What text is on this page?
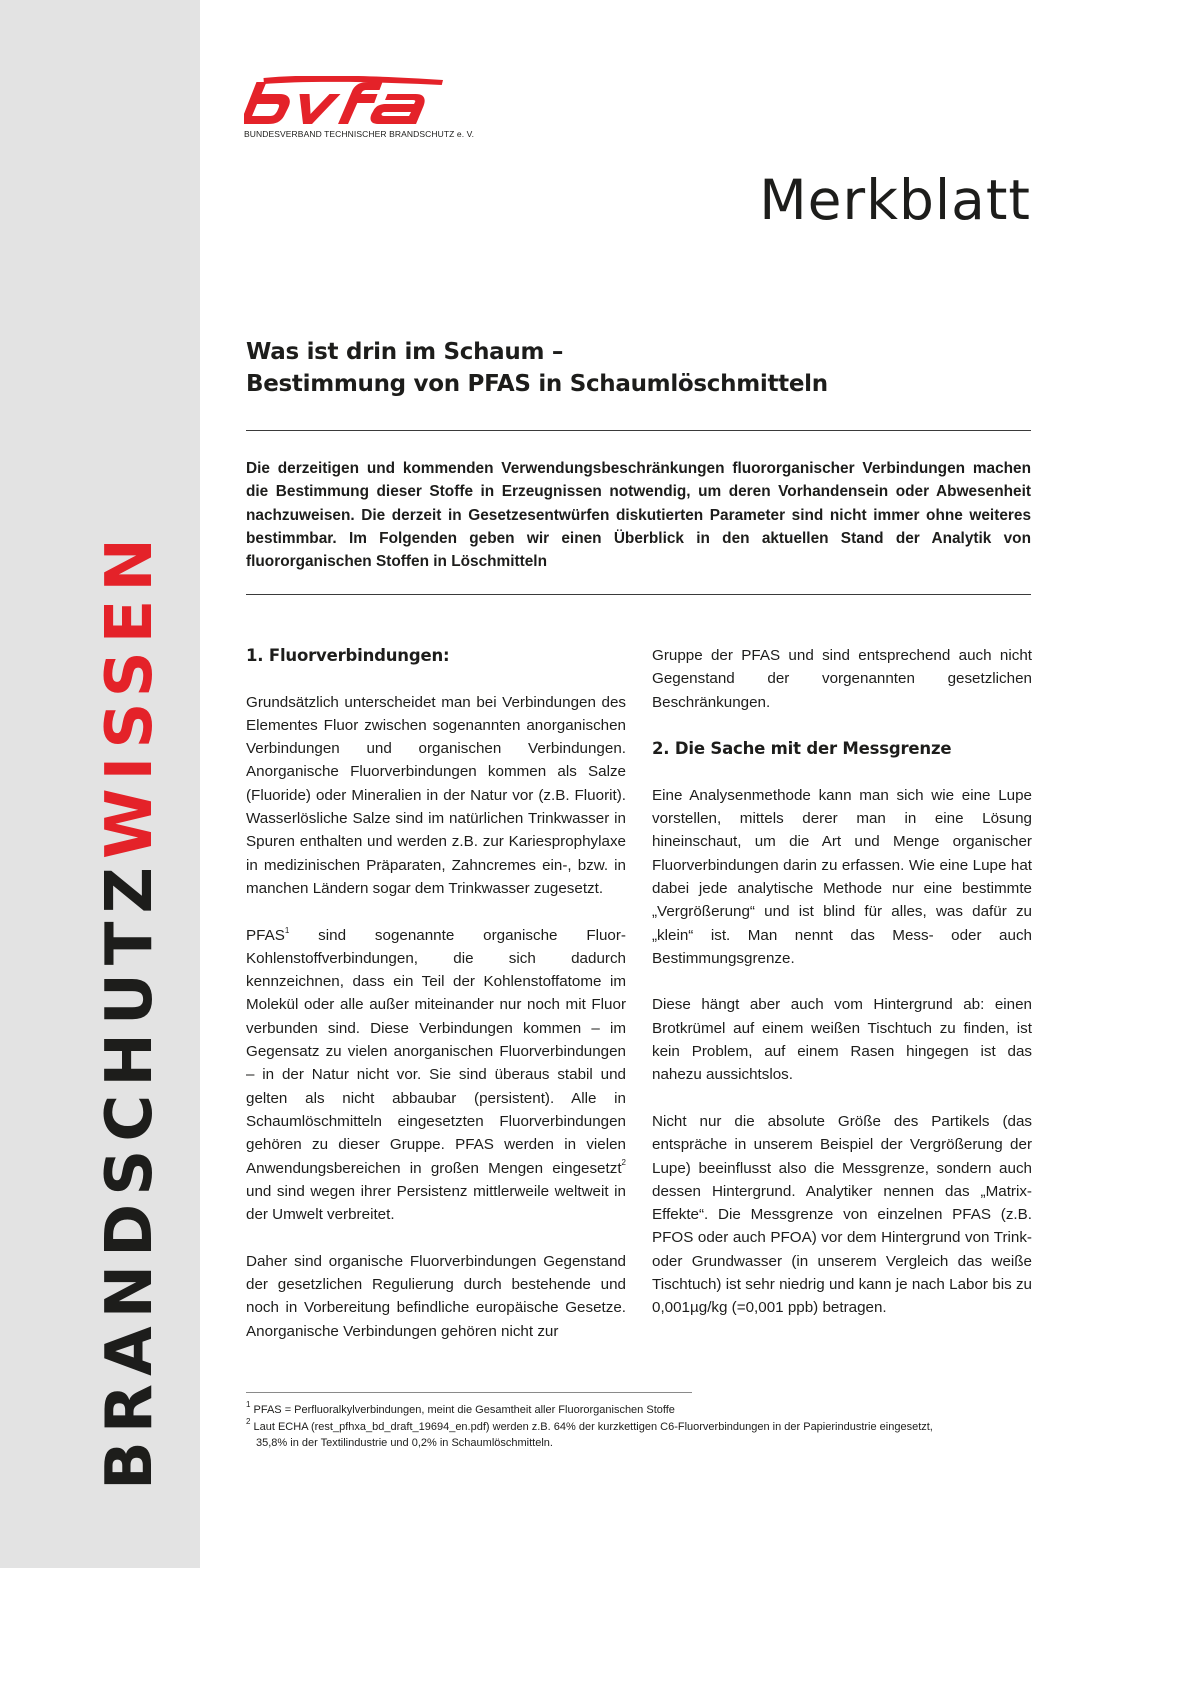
BRANDSCHUTZWISSEN
BUNDESVERBAND TECHNISCHER BRANDSCHUTZ e. V.
Merkblatt
Was ist drin im Schaum –
Bestimmung von PFAS in Schaumlöschmitteln

Die derzeitigen und kommenden Verwendungsbeschränkungen fluororganischer Verbindungen machen die Bestimmung dieser Stoffe in Erzeugnissen notwendig, um deren Vorhandensein oder Abwesenheit nachzuweisen. Die derzeit in Gesetzesentwürfen diskutierten Parameter sind nicht immer ohne weiteres bestimmbar. Im Folgenden geben wir einen Überblick in den aktuellen Stand der Analytik von fluororganischen Stoffen in Löschmitteln

1. Fluorverbindungen:

Grundsätzlich unterscheidet man bei Verbindungen des Elementes Fluor zwischen sogenannten anorganischen Verbindungen und organischen Verbindungen. Anorganische Fluorverbindungen kommen als Salze (Fluoride) oder Mineralien in der Natur vor (z.B. Fluorit). Wasserlösliche Salze sind im natürlichen Trinkwasser in Spuren enthalten und werden z.B. zur Kariesprophylaxe in medizinischen Präparaten, Zahncremes ein-, bzw. in manchen Ländern sogar dem Trinkwasser zugesetzt.

PFAS$^1$ sind sogenannte organische Fluor-Kohlenstoffverbindungen, die sich dadurch kennzeichnen, dass ein Teil der Kohlenstoffatome im Molekül oder alle außer miteinander nur noch mit Fluor verbunden sind. Diese Verbindungen kommen – im Gegensatz zu vielen anorganischen Fluorverbindungen – in der Natur nicht vor. Sie sind überaus stabil und gelten als nicht abbaubar (persistent). Alle in Schaumlöschmitteln eingesetzten Fluorverbindungen gehören zu dieser Gruppe. PFAS werden in vielen Anwendungsbereichen in großen Mengen eingesetzt$^2$ und sind wegen ihrer Persistenz mittlerweile weltweit in der Umwelt verbreitet.

Daher sind organische Fluorverbindungen Gegenstand der gesetzlichen Regulierung durch bestehende und noch in Vorbereitung befindliche europäische Gesetze. Anorganische Verbindungen gehören nicht zur

Gruppe der PFAS und sind entsprechend auch nicht Gegenstand der vorgenannten gesetzlichen Beschränkungen.

2. Die Sache mit der Messgrenze

Eine Analysenmethode kann man sich wie eine Lupe vorstellen, mittels derer man in eine Lösung hineinschaut, um die Art und Menge organischer Fluorverbindungen darin zu erfassen. Wie eine Lupe hat dabei jede analytische Methode nur eine bestimmte „Vergrößerung“ und ist blind für alles, was dafür zu „klein“ ist. Man nennt das Mess- oder auch Bestimmungsgrenze.

Diese hängt aber auch vom Hintergrund ab: einen Brotkrümel auf einem weißen Tischtuch zu finden, ist kein Problem, auf einem Rasen hingegen ist das nahezu aussichtslos.

Nicht nur die absolute Größe des Partikels (das entspräche in unserem Beispiel der Vergrößerung der Lupe) beeinflusst also die Messgrenze, sondern auch dessen Hintergrund. Analytiker nennen das „Matrix-Effekte“. Die Messgrenze von einzelnen PFAS (z.B. PFOS oder auch PFOA) vor dem Hintergrund von Trink- oder Grundwasser (in unserem Vergleich das weiße Tischtuch) ist sehr niedrig und kann je nach Labor bis zu 0,001µg/kg (=0,001 ppb) betragen.

$^1$ PFAS = Perfluoralkylverbindungen, meint die Gesamtheit aller Fluororganischen Stoffe

$^2$ Laut ECHA (rest_pfhxa_bd_draft_19694_en.pdf) werden z.B. 64% der kurzkettigen C6-Fluorverbindungen in der Papierindustrie eingesetzt,

35,8% in der Textilindustrie und 0,2% in Schaumlöschmitteln.
